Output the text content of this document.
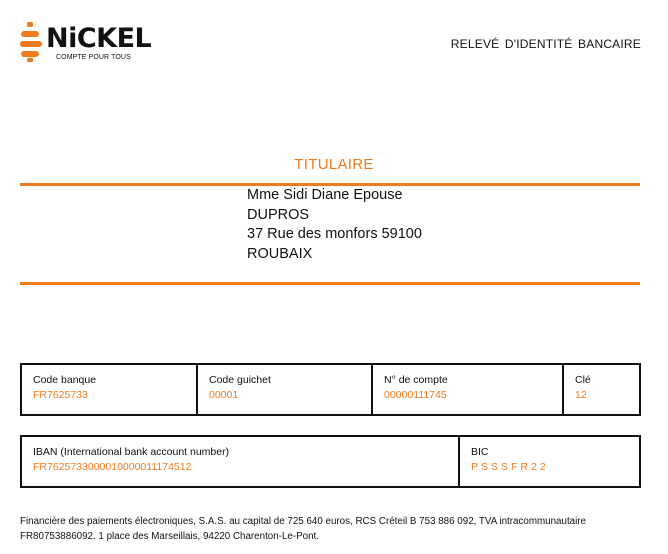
NiCKEL
COMPTE POUR TOUS
RELEVÉ D'IDENTITÉ BANCAIRE
TITULAIRE
Mme Sidi Diane Epouse
DUPROS
37 Rue des monfors 59100
ROUBAIX
Code banque
FR7625733
Code guichet
00001
N° de compte
00000111745
Clé
12
IBAN (International bank account number)
FR7625733000010000011174512
BIC
PSSSFR22
Financière des paiements électroniques, S.A.S. au capital de 725 640 euros, RCS Créteil B 753 886 092, TVA intracommunautaire
FR80753886092. 1 place des Marseillais, 94220 Charenton-Le-Pont.
